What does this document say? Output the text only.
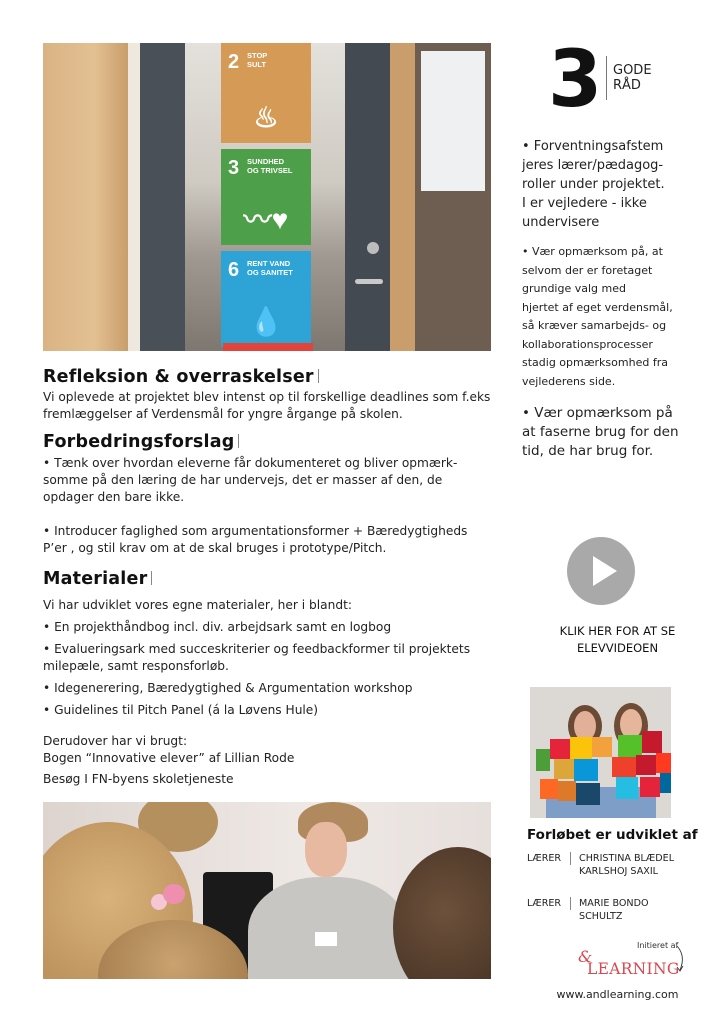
2 STOP
SULT
♨
3 SUNDHED
OG TRIVSEL
〰♥
6 RENT VAND
OG SANITET
💧
Refleksion & overraskelser

Vi oplevede at projektet blev intenst op til forskellige deadlines som f.eks

fremlæggelser af Verdensmål for yngre årgange på skolen.

Forbedringsforslag

• Tænk over hvordan eleverne får dokumenteret og bliver opmærk-

somme på den læring de har undervejs, det er masser af den, de

opdager den bare ikke.

• Introducer faglighed som argumentationsformer + Bæredygtigheds

P’er , og stil krav om at de skal bruges i prototype/Pitch.

Materialer

Vi har udviklet vores egne materialer, her i blandt:

• En projekthåndbog incl. div. arbejdsark samt en logbog

• Evalueringsark med succeskriterier og feedbackformer til projektets

milepæle, samt responsforløb.

• Idegenerering, Bæredygtighed & Argumentation workshop

• Guidelines til Pitch Panel (á la Løvens Hule)

Derudover har vi brugt:

Bogen “Innovative elever” af Lillian Rode

Besøg I FN-byens skoletjeneste

3 GODE
RÅD

• Forventningsafstem

jeres lærer/pædagog-

roller under projektet.

I er vejledere - ikke

undervisere

• Vær opmærksom på, at

selvom der er foretaget

grundige valg med

hjertet af eget verdensmål,

så kræver samarbejds- og

kollaborationsprocesser

stadig opmærksomhed fra

vejlederens side.

• Vær opmærksom på

at faserne brug for den

tid, de har brug for.

KLIK HER FOR AT SE
ELEVVIDEOEN
Forløbet er udviklet af
LÆRER CHRISTINA BLÆDEL
KARLSHOJ SAXIL
LÆRER MARIE BONDO
SCHULTZ
Initieret af
&
LEARNING
www.andlearning.com
